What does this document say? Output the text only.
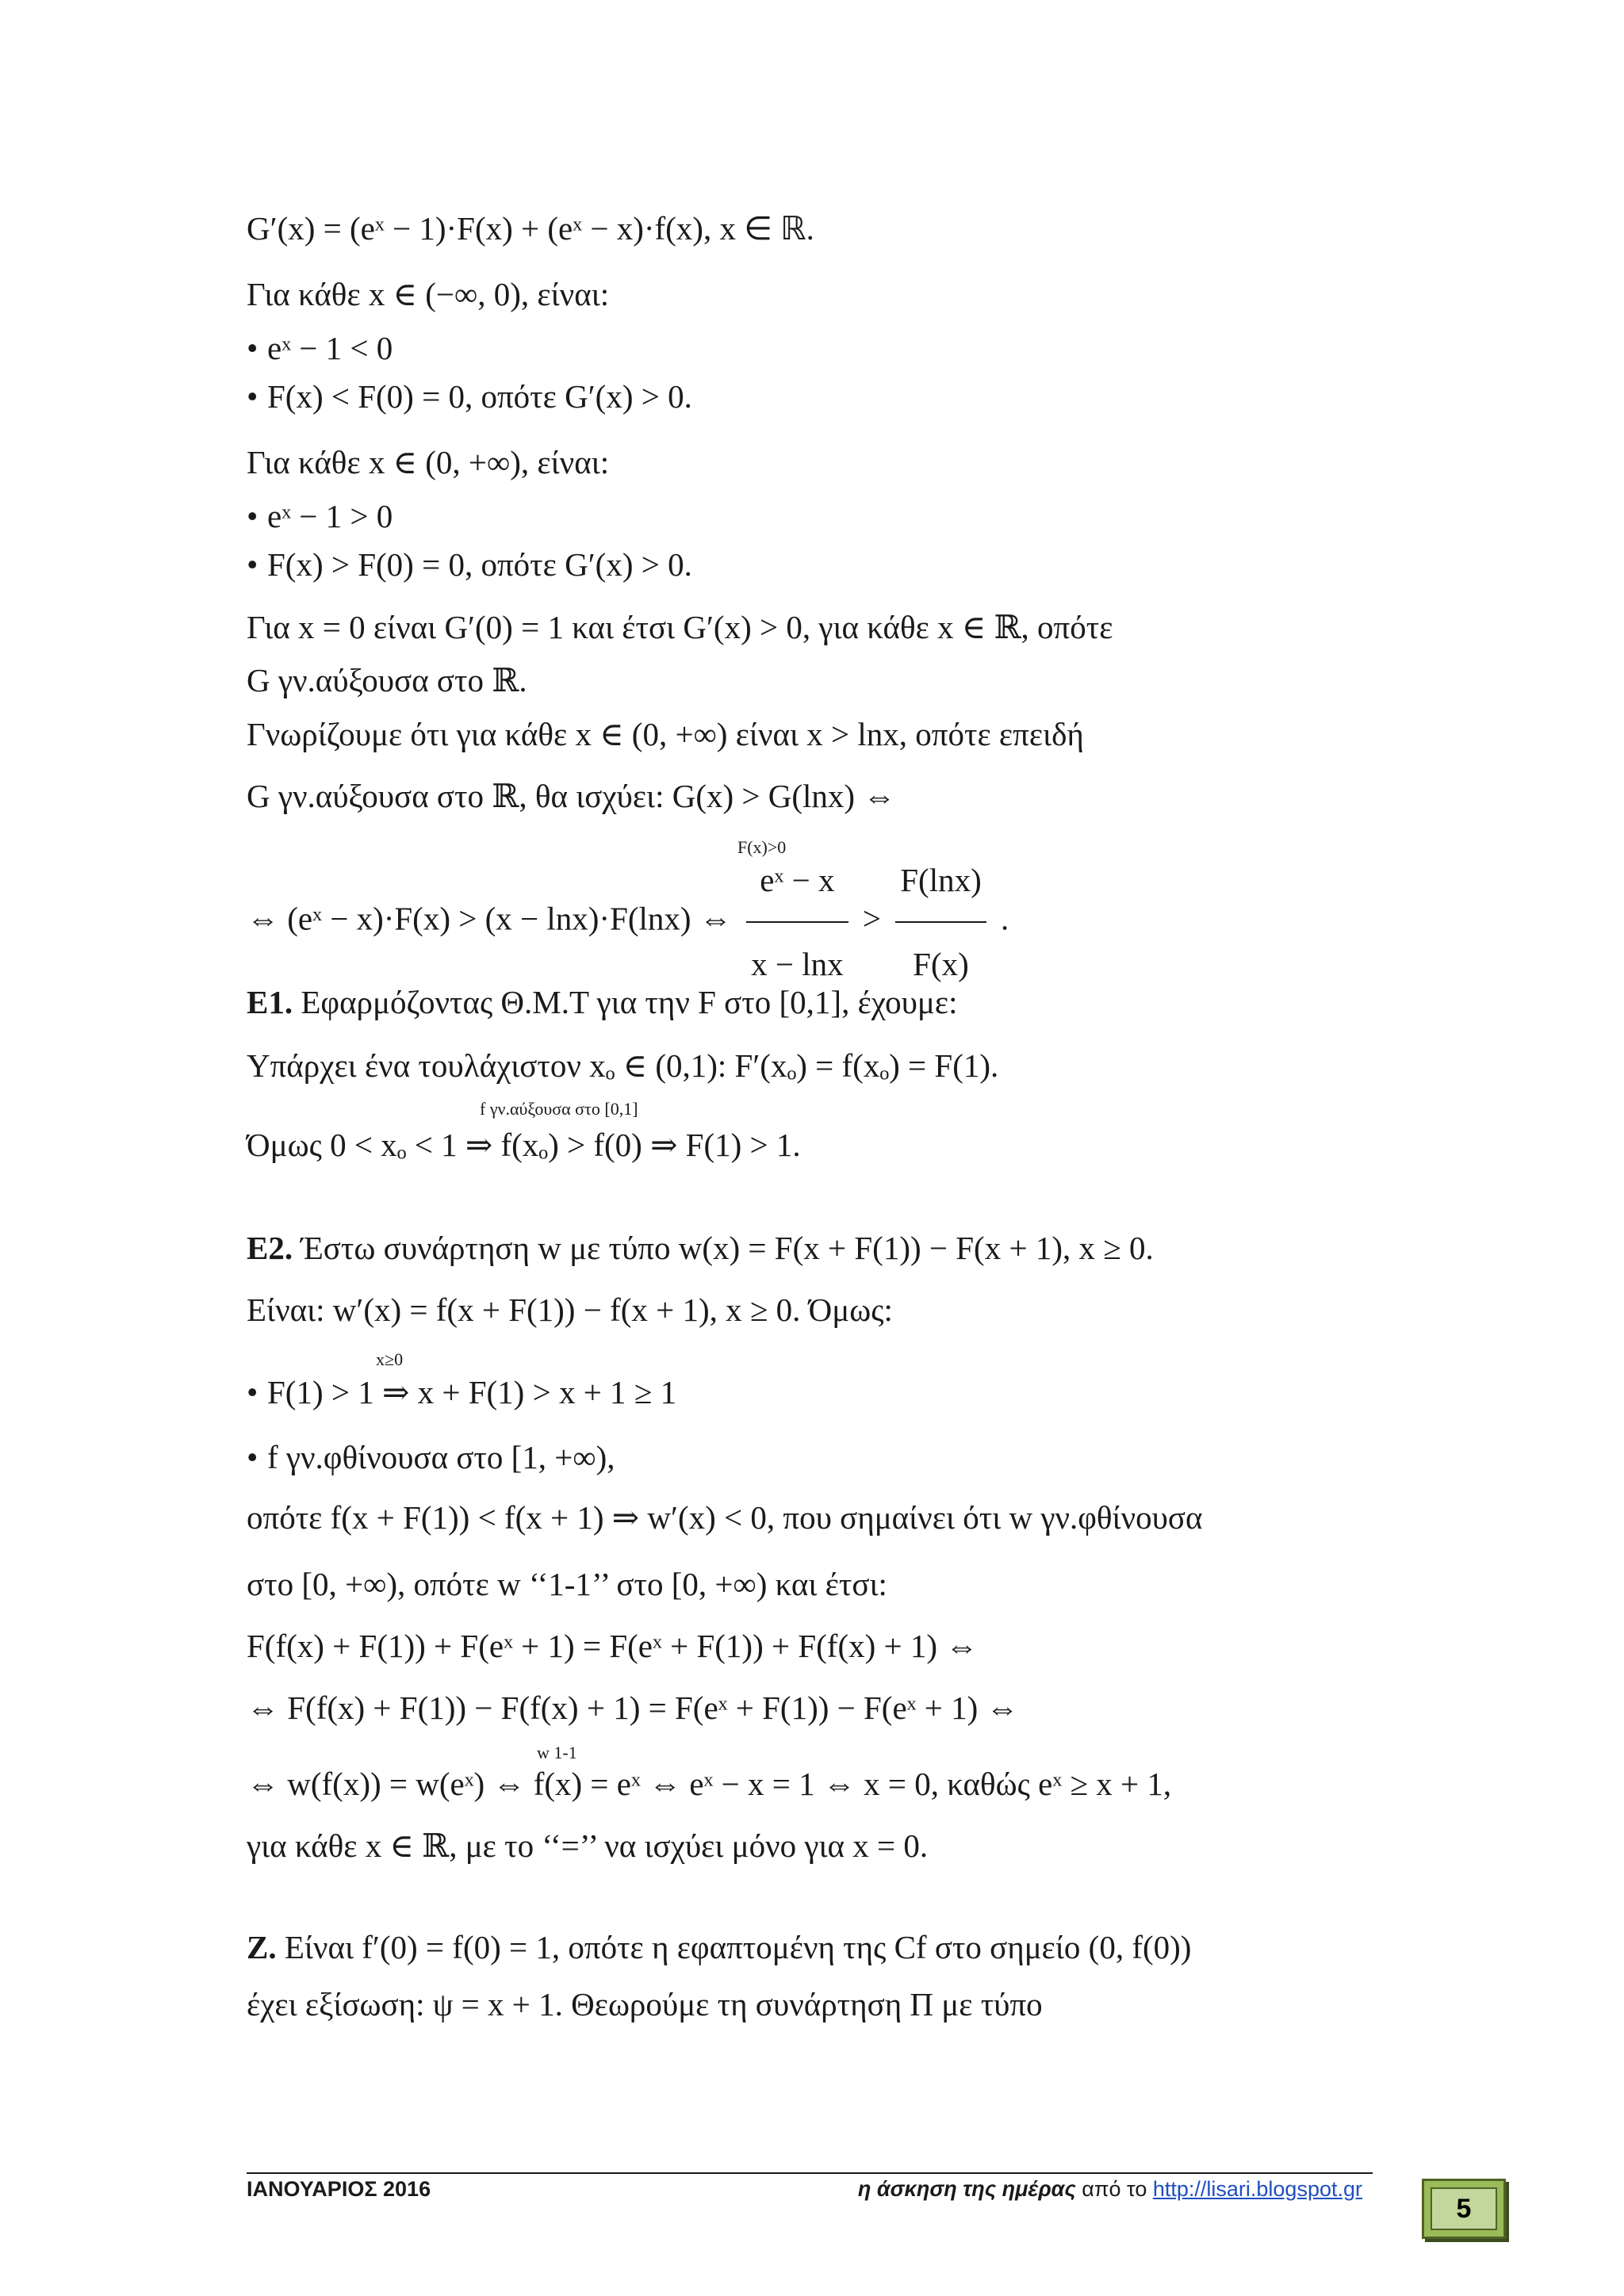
G′(x) = (eˣ − 1)·F(x) + (eˣ − x)·f(x), x ∈ ℝ.
Για κάθε x ∈ (−∞, 0), είναι:
• eˣ − 1 < 0
• F(x) < F(0) = 0, οπότε G′(x) > 0.
Για κάθε x ∈ (0, +∞), είναι:
• eˣ − 1 > 0
• F(x) > F(0) = 0, οπότε G′(x) > 0.
Για x = 0 είναι G′(0) = 1 και έτσι G′(x) > 0, για κάθε x ∈ ℝ, οπότε
G γν.αύξουσα στο ℝ.
Γνωρίζουμε ότι για κάθε x ∈ (0, +∞) είναι x > lnx, οπότε επειδή
G γν.αύξουσα στο ℝ, θα ισχύει: G(x) > G(lnx) ⇔
F(x)>0
⇔ (eˣ − x)·F(x) > (x − lnx)·F(lnx) ⇔ $\frac{\text{eˣ − x}}{x - \ln x} > \frac{F(\ln x)}{F(x)}$ .
Ε1. Εφαρμόζοντας Θ.Μ.Τ για την F στο [0,1], έχουμε:
Υπάρχει ένα τουλάχιστον xₒ ∈ (0,1): F′(xₒ) = f(xₒ) = F(1).
f γν.αύξουσα στο [0,1]
Όμως 0 < xₒ < 1 ⇒ f(xₒ) > f(0) ⇒ F(1) > 1.
Ε2. Έστω συνάρτηση w με τύπο w(x) = F(x + F(1)) − F(x + 1), x ≥ 0.
Είναι: w′(x) = f(x + F(1)) − f(x + 1), x ≥ 0. Όμως:
x≥0
• F(1) > 1 ⇒ x + F(1) > x + 1 ≥ 1
• f γν.φθίνουσα στο [1, +∞),
οπότε f(x + F(1)) < f(x + 1) ⇒ w′(x) < 0, που σημαίνει ότι w γν.φθίνουσα
στο [0, +∞), οπότε w ‘‘1-1’’ στο [0, +∞) και έτσι:
F(f(x) + F(1)) + F(eˣ + 1) = F(eˣ + F(1)) + F(f(x) + 1) ⇔
⇔ F(f(x) + F(1)) − F(f(x) + 1) = F(eˣ + F(1)) − F(eˣ + 1) ⇔
w 1-1
⇔ w(f(x)) = w(eˣ) ⇔ f(x) = eˣ ⇔ eˣ − x = 1 ⇔ x = 0, καθώς eˣ ≥ x + 1,
για κάθε x ∈ ℝ, με το ‘‘=’’ να ισχύει μόνο για x = 0.
Ζ. Είναι f′(0) = f(0) = 1, οπότε η εφαπτομένη της Cf στο σημείο (0, f(0))
έχει εξίσωση: ψ = x + 1. Θεωρούμε τη συνάρτηση Π με τύπο
ΙΑΝΟΥΑΡΙΟΣ 2016	η άσκηση της ημέρας από το http://lisari.blogspot.gr
5
